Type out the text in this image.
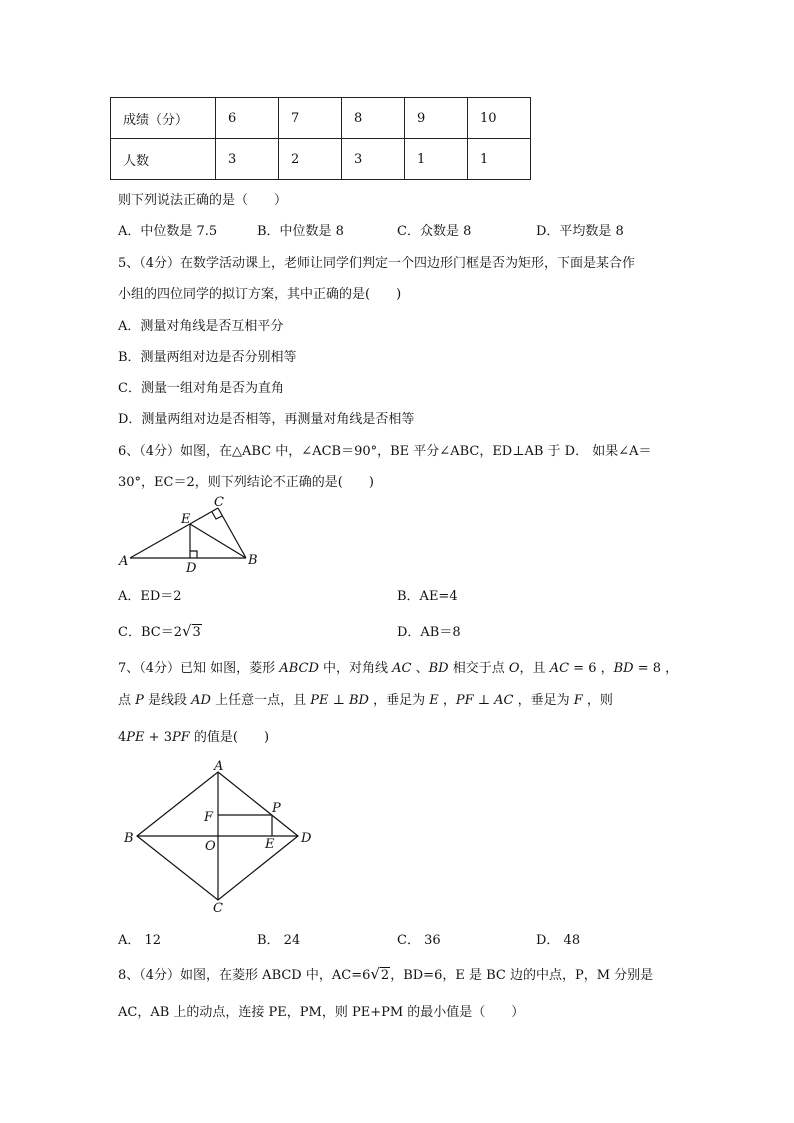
成绩（分）	6	7	8	9	10
人数	3	2	3	1	1
则下列说法正确的是（　　）
A．中位数是 7.5	B．中位数是 8	C．众数是 8	D．平均数是 8
5、（4分）在数学活动课上，老师让同学们判定一个四边形门框是否为矩形，下面是某合作
小组的四位同学的拟订方案，其中正确的是(　　)
A．测量对角线是否互相平分
B．测量两组对边是否分别相等
C．测量一组对角是否为直角
D．测量两组对边是否相等，再测量对角线是否相等
6、（4分）如图，在△ABC 中，∠ACB＝90°，BE 平分∠ABC，ED⊥AB 于 D． 如果∠A＝
30°，EC＝2，则下列结论不正确的是(　　)
A	B
C
D
E
A
B
C
D
O	E
F
P
A．ED＝2	B．AE=4
C．BC＝2√3	D．AB＝8
7、（4分）已知 如图，菱形 ABCD 中，对角线 AC 、BD 相交于点 O，且 AC = 6 ，BD = 8 ，
点 P 是线段 AD 上任意一点，且 PE ⊥ BD ，垂足为 E ，PF ⊥ AC ，垂足为 F ，则
4PE + 3PF 的值是(　　)
A． 12	B． 24	C． 36	D． 48
8、（4分）如图，在菱形 ABCD 中，AC=6√2，BD=6，E 是 BC 边的中点，P，M 分别是
AC，AB 上的动点，连接 PE，PM，则 PE+PM 的最小值是（　　）
